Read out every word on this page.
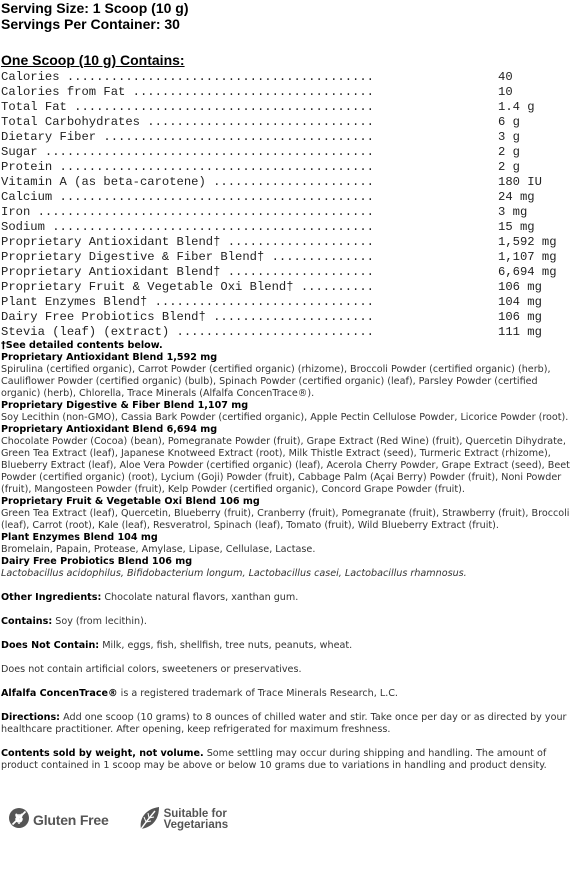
Serving Size: 1 Scoop (10 g)

Servings Per Container: 30

One Scoop (10 g) Contains:
Calories ..........................................	40
Calories from Fat .................................	10
Total Fat .........................................	1.4 g
Total Carbohydrates ...............................	6 g
Dietary Fiber .....................................	3 g
Sugar .............................................	2 g
Protein ...........................................	2 g
Vitamin A (as beta-carotene) ......................	180 IU
Calcium ...........................................	24 mg
Iron ..............................................	3 mg
Sodium ............................................	15 mg
Proprietary Antioxidant Blend† ....................	1,592 mg
Proprietary Digestive & Fiber Blend† ..............	1,107 mg
Proprietary Antioxidant Blend† ....................	6,694 mg
Proprietary Fruit & Vegetable Oxi Blend† ..........	106 mg
Plant Enzymes Blend† ..............................	104 mg
Dairy Free Probiotics Blend† ......................	106 mg
Stevia (leaf) (extract) ...........................	111 mg
†See detailed contents below.
Proprietary Antioxidant Blend 1,592 mg
Spirulina (certified organic), Carrot Powder (certified organic) (rhizome), Broccoli Powder (certified organic) (herb), Cauliflower Powder (certified organic) (bulb), Spinach Powder (certified organic) (leaf), Parsley Powder (certified organic) (herb), Chlorella, Trace Minerals (Alfalfa ConcenTrace®).
Proprietary Digestive & Fiber Blend 1,107 mg
Soy Lecithin (non-GMO), Cassia Bark Powder (certified organic), Apple Pectin Cellulose Powder, Licorice Powder (root).
Proprietary Antioxidant Blend 6,694 mg
Chocolate Powder (Cocoa) (bean), Pomegranate Powder (fruit), Grape Extract (Red Wine) (fruit), Quercetin Dihydrate, Green Tea Extract (leaf), Japanese Knotweed Extract (root), Milk Thistle Extract (seed), Turmeric Extract (rhizome), Blueberry Extract (leaf), Aloe Vera Powder (certified organic) (leaf), Acerola Cherry Powder, Grape Extract (seed), Beet Powder (certified organic) (root), Lycium (Goji) Powder (fruit), Cabbage Palm (Açai Berry) Powder (fruit), Noni Powder (fruit), Mangosteen Powder (fruit), Kelp Powder (certified organic), Concord Grape Powder (fruit).
Proprietary Fruit & Vegetable Oxi Blend 106 mg
Green Tea Extract (leaf), Quercetin, Blueberry (fruit), Cranberry (fruit), Pomegranate (fruit), Strawberry (fruit), Broccoli (leaf), Carrot (root), Kale (leaf), Resveratrol, Spinach (leaf), Tomato (fruit), Wild Blueberry Extract (fruit).
Plant Enzymes Blend 104 mg
Bromelain, Papain, Protease, Amylase, Lipase, Cellulase, Lactase.
Dairy Free Probiotics Blend 106 mg
Lactobacillus acidophilus, Bifidobacterium longum, Lactobacillus casei, Lactobacillus rhamnosus.
Other Ingredients: Chocolate natural flavors, xanthan gum.
Contains: Soy (from lecithin).
Does Not Contain: Milk, eggs, fish, shellfish, tree nuts, peanuts, wheat.
Does not contain artificial colors, sweeteners or preservatives.
Alfalfa ConcenTrace® is a registered trademark of Trace Minerals Research, L.C.
Directions: Add one scoop (10 grams) to 8 ounces of chilled water and stir. Take once per day or as directed by your healthcare practitioner. After opening, keep refrigerated for maximum freshness.
Contents sold by weight, not volume. Some settling may occur during shipping and handling. The amount of product contained in 1 scoop may be above or below 10 grams due to variations in handling and product density.
Gluten Free	Suitable for
Vegetarians
